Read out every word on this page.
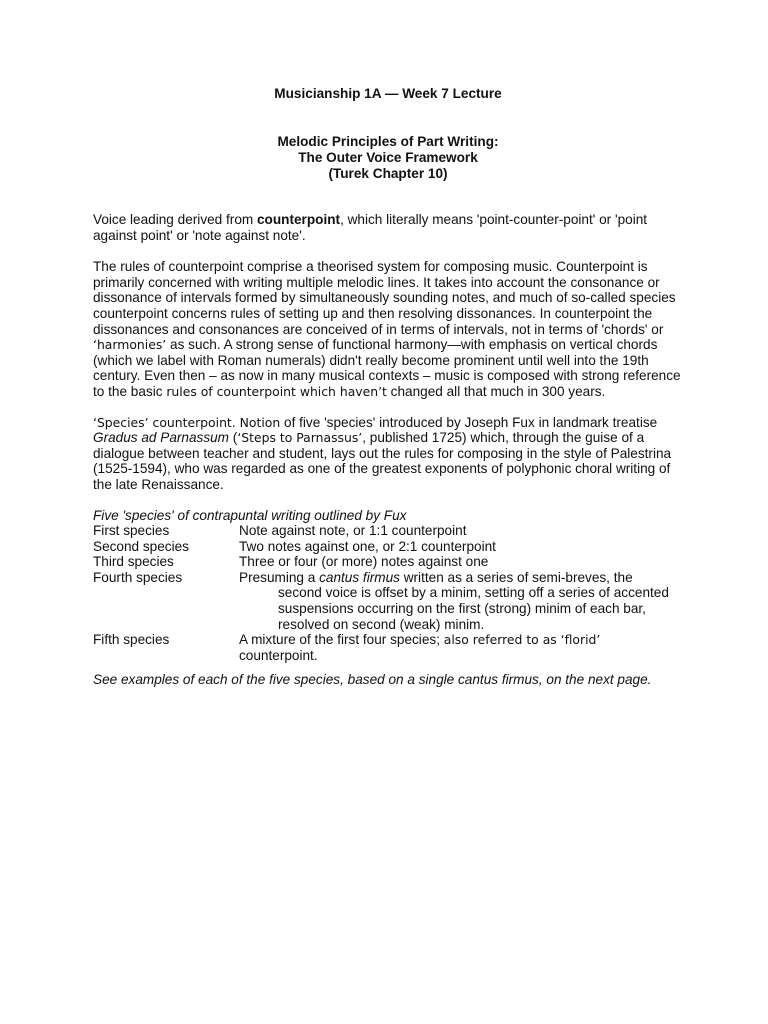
Musicianship 1A — Week 7 Lecture
Melodic Principles of Part Writing:
The Outer Voice Framework
(Turek Chapter 10)

Voice leading derived from counterpoint, which literally means 'point-counter-point' or 'point against point' or 'note against note'.

The rules of counterpoint comprise a theorised system for composing music. Counterpoint is primarily concerned with writing multiple melodic lines. It takes into account the consonance or dissonance of intervals formed by simultaneously sounding notes, and much of so-called species counterpoint concerns rules of setting up and then resolving dissonances. In counterpoint the dissonances and consonances are conceived of in terms of intervals, not in terms of 'chords' or ‘harmonies’ as such. A strong sense of functional harmony—with emphasis on vertical chords (which we label with Roman numerals) didn't really become prominent until well into the 19th century. Even then – as now in many musical contexts – music is composed with strong reference to the basic rules of counterpoint which haven’t changed all that much in 300 years.

‘Species’ counterpoint. Notion of five 'species' introduced by Joseph Fux in landmark treatise Gradus ad Parnassum (‘Steps to Parnassus’, published 1725) which, through the guise of a dialogue between teacher and student, lays out the rules for composing in the style of Palestrina (1525-1594), who was regarded as one of the greatest exponents of polyphonic choral writing of the late Renaissance.

Five 'species' of contrapuntal writing outlined by Fux
First species	Note against note, or 1:1 counterpoint
Second species	Two notes against one, or 2:1 counterpoint
Third species	Three or four (or more) notes against one
Fourth species	Presuming a cantus firmus written as a series of semi-breves, the
second voice is offset by a minim, setting off a series of accented suspensions occurring on the first (strong) minim of each bar, resolved on second (weak) minim.
Fifth species	A mixture of the first four species; also referred to as ‘florid’
counterpoint.

See examples of each of the five species, based on a single cantus firmus, on the next page.
